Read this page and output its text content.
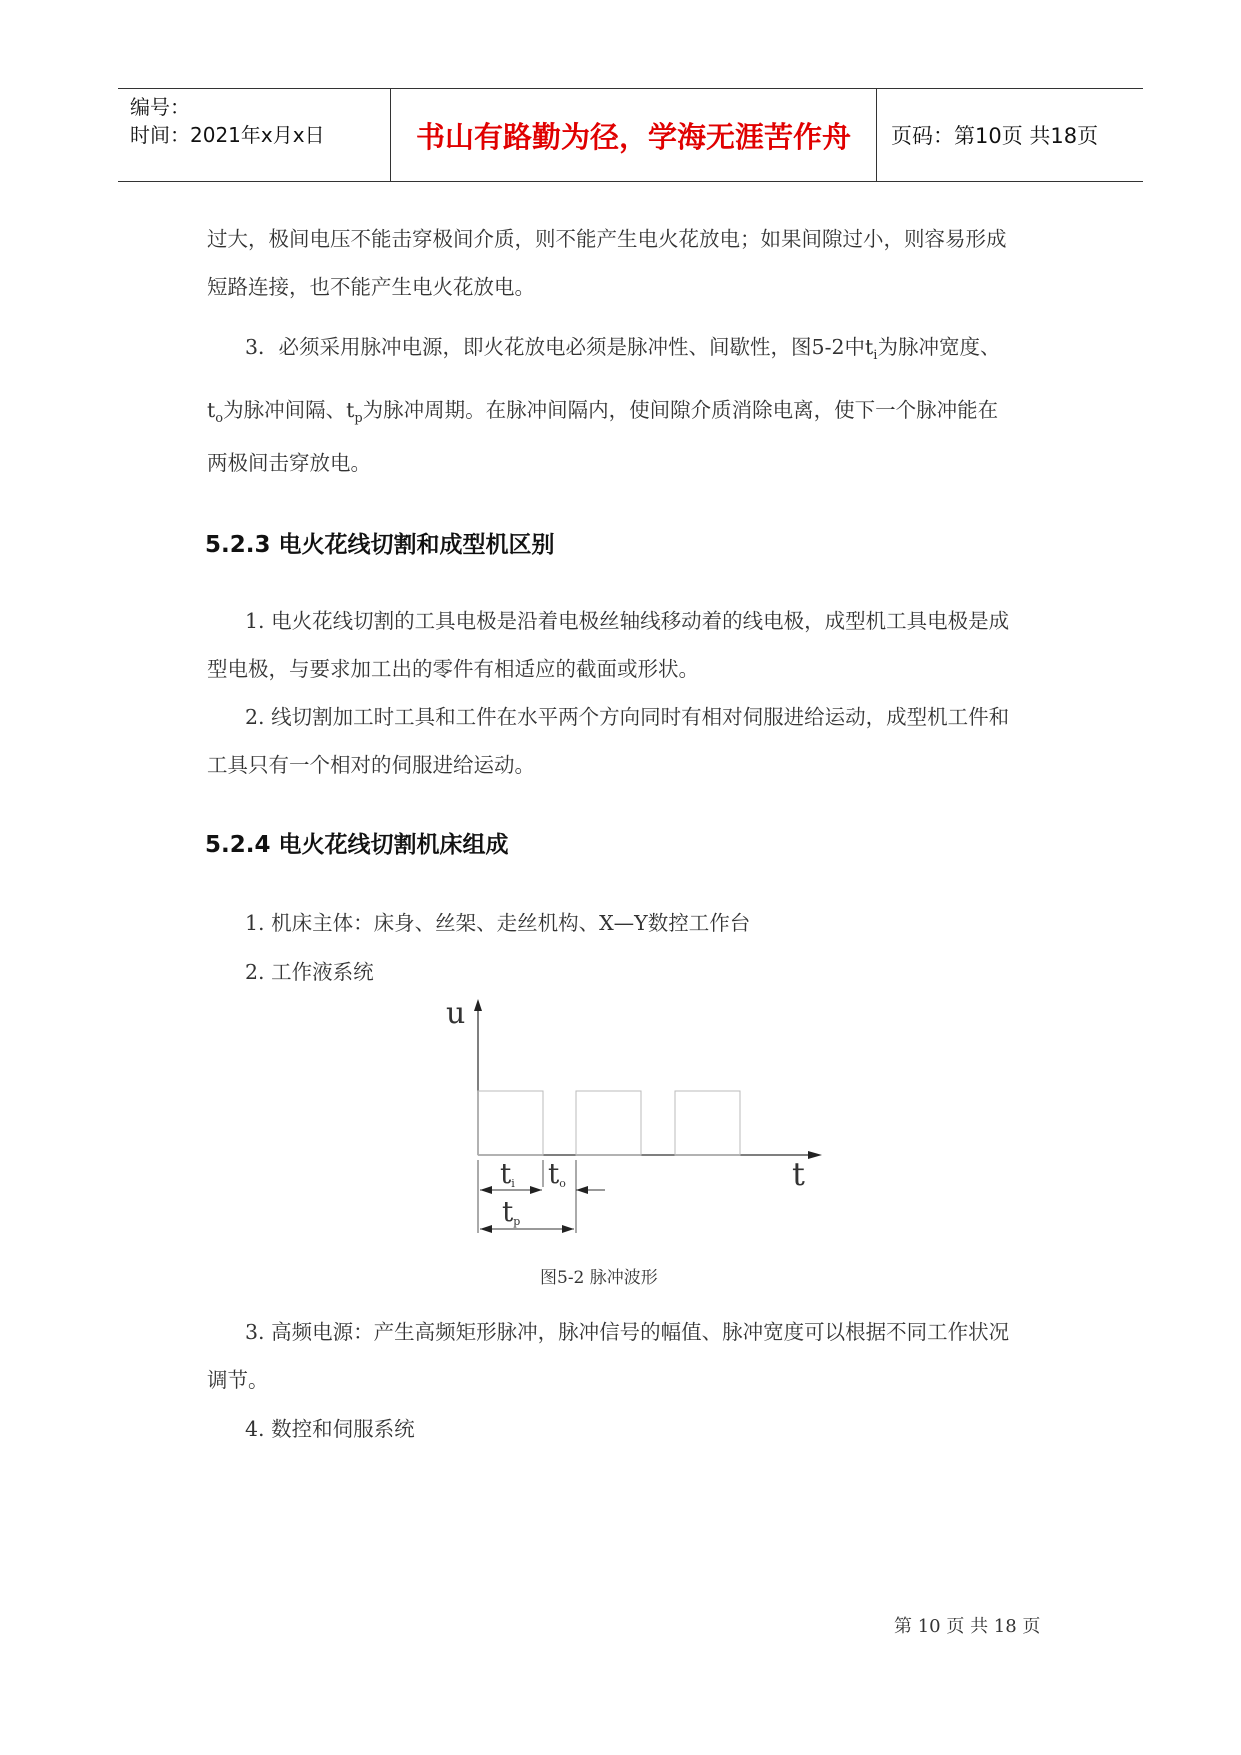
编号：
时间：2021年x月x日	书山有路勤为径，学海无涯苦作舟	页码：第10页 共18页

过大，极间电压不能击穿极间介质，则不能产生电火花放电；如果间隙过小，则容易形成

短路连接，也不能产生电火花放电。

3．必须采用脉冲电源，即火花放电必须是脉冲性、间歇性，图5-2中$t_i$为脉冲宽度、

$t_o$为脉冲间隔、$t_p$为脉冲周期。在脉冲间隔内，使间隙介质消除电离，使下一个脉冲能在

两极间击穿放电。

5.2.3 电火花线切割和成型机区别

1. 电火花线切割的工具电极是沿着电极丝轴线移动着的线电极，成型机工具电极是成

型电极，与要求加工出的零件有相适应的截面或形状。

2. 线切割加工时工具和工件在水平两个方向同时有相对伺服进给运动，成型机工件和

工具只有一个相对的伺服进给运动。

5.2.4 电火花线切割机床组成

1. 机床主体：床身、丝架、走丝机构、X—Y数控工作台

2. 工作液系统

u
t
ti to
tp
图5-2 脉冲波形

3. 高频电源：产生高频矩形脉冲，脉冲信号的幅值、脉冲宽度可以根据不同工作状况

调节。

4. 数控和伺服系统

第 10 页 共 18 页
